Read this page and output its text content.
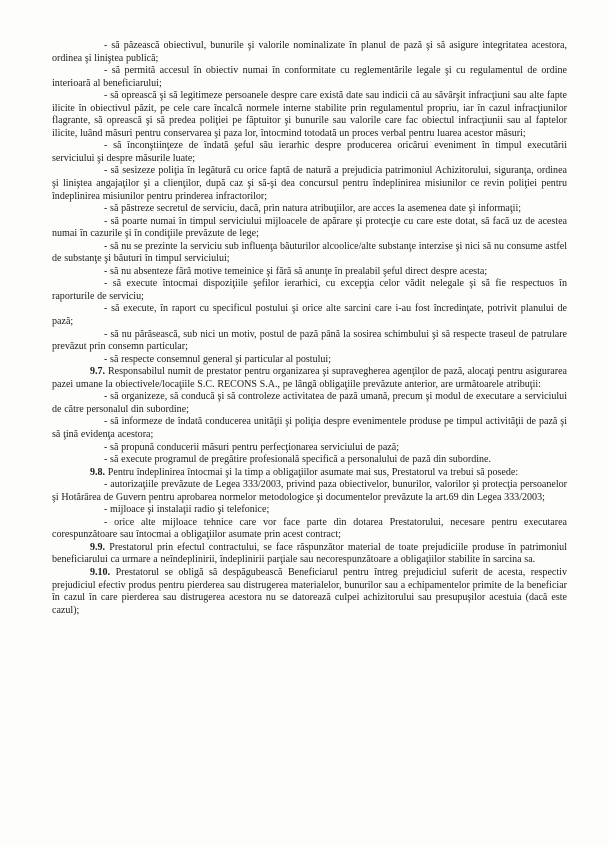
- să păzească obiectivul, bunurile şi valorile nominalizate în planul de pază şi să asigure integritatea acestora, ordinea şi liniştea publică;

- să permită accesul în obiectiv numai în conformitate cu reglementările legale şi cu regulamentul de ordine interioară al beneficiarului;

- să oprească şi să legitimeze persoanele despre care există date sau indicii că au săvârşit infracţiuni sau alte fapte ilicite în obiectivul păzit, pe cele care încalcă normele interne stabilite prin regulamentul propriu, iar în cazul infracţiunilor flagrante, să oprească şi să predea poliţiei pe făptuitor şi bunurile sau valorile care fac obiectul infracţiunii sau al faptelor ilicite, luând măsuri pentru conservarea şi paza lor, întocmind totodată un proces verbal pentru luarea acestor măsuri;

- să înconştiinţeze de îndată şeful său ierarhic despre producerea oricărui eveniment în timpul executării serviciului şi despre măsurile luate;

- să sesizeze poliţia în legătură cu orice faptă de natură a prejudicia patrimoniul Achizitorului, siguranţa, ordinea şi liniştea angajaţilor şi a clienţilor, după caz şi să-şi dea concursul pentru îndeplinirea misiunilor ce revin poliţiei pentru îndeplinirea misiunilor pentru prinderea infractorilor;

- să păstreze secretul de serviciu, dacă, prin natura atribuţiilor, are acces la asemenea date şi informaţii;

- să poarte numai în timpul serviciului mijloacele de apărare şi protecţie cu care este dotat, să facă uz de acestea numai în cazurile şi în condiţiile prevăzute de lege;

- să nu se prezinte la serviciu sub influenţa băuturilor alcoolice/alte substanţe interzise şi nici să nu consume astfel de substanţe şi băuturi în timpul serviciului;

- să nu absenteze fără motive temeinice şi fără să anunţe în prealabil şeful direct despre acesta;

- să execute întocmai dispoziţiile şefilor ierarhici, cu excepţia celor vădit nelegale şi să fie respectuos în raporturile de serviciu;

- să execute, în raport cu specificul postului şi orice alte sarcini care i-au fost încredinţate, potrivit planului de pază;

- să nu părăsească, sub nici un motiv, postul de pază până la sosirea schimbului şi să respecte traseul de patrulare prevăzut prin consemn particular;

- să respecte consemnul general şi particular al postului;

9.7. Responsabilul numit de prestator pentru organizarea şi supravegherea agenţilor de pază, alocaţi pentru asigurarea pazei umane la obiectivele/locaţiile S.C. RECONS S.A., pe lângă obligaţiile prevăzute anterior, are următoarele atribuţii:

- să organizeze, să conducă şi să controleze activitatea de pază umană, precum şi modul de executare a serviciului de către personalul din subordine;

- să informeze de îndată conducerea unităţii şi poliţia despre evenimentele produse pe timpul activităţii de pază şi să ţină evidenţa acestora;

- să propună conducerii măsuri pentru perfecţionarea serviciului de pază;

- să execute programul de pregătire profesională specifică a personalului de pază din subordine.

9.8. Pentru îndeplinirea întocmai şi la timp a obligaţiilor asumate mai sus, Prestatorul va trebui să posede:

- autorizaţiile prevăzute de Legea 333/2003, privind paza obiectivelor, bunurilor, valorilor şi protecţia persoanelor şi Hotărârea de Guvern pentru aprobarea normelor metodologice şi documentelor prevăzute la art.69 din Legea 333/2003;

- mijloace şi instalaţii radio şi telefonice;

- orice alte mijloace tehnice care vor face parte din dotarea Prestatorului, necesare pentru executarea corespunzătoare sau întocmai a obligaţiilor asumate prin acest contract;

9.9. Prestatorul prin efectul contractului, se face răspunzător material de toate prejudiciile produse în patrimoniul beneficiarului ca urmare a neîndeplinirii, îndeplinirii parţiale sau necorespunzătoare a obligaţiilor stabilite în sarcina sa.

9.10. Prestatorul se obligă să despăgubească Beneficiarul pentru întreg prejudiciul suferit de acesta, respectiv prejudiciul efectiv produs pentru pierderea sau distrugerea materialelor, bunurilor sau a echipamentelor primite de la beneficiar în cazul în care pierderea sau distrugerea acestora nu se datorează culpei achizitorului sau presupuşilor acestuia (dacă este cazul);
